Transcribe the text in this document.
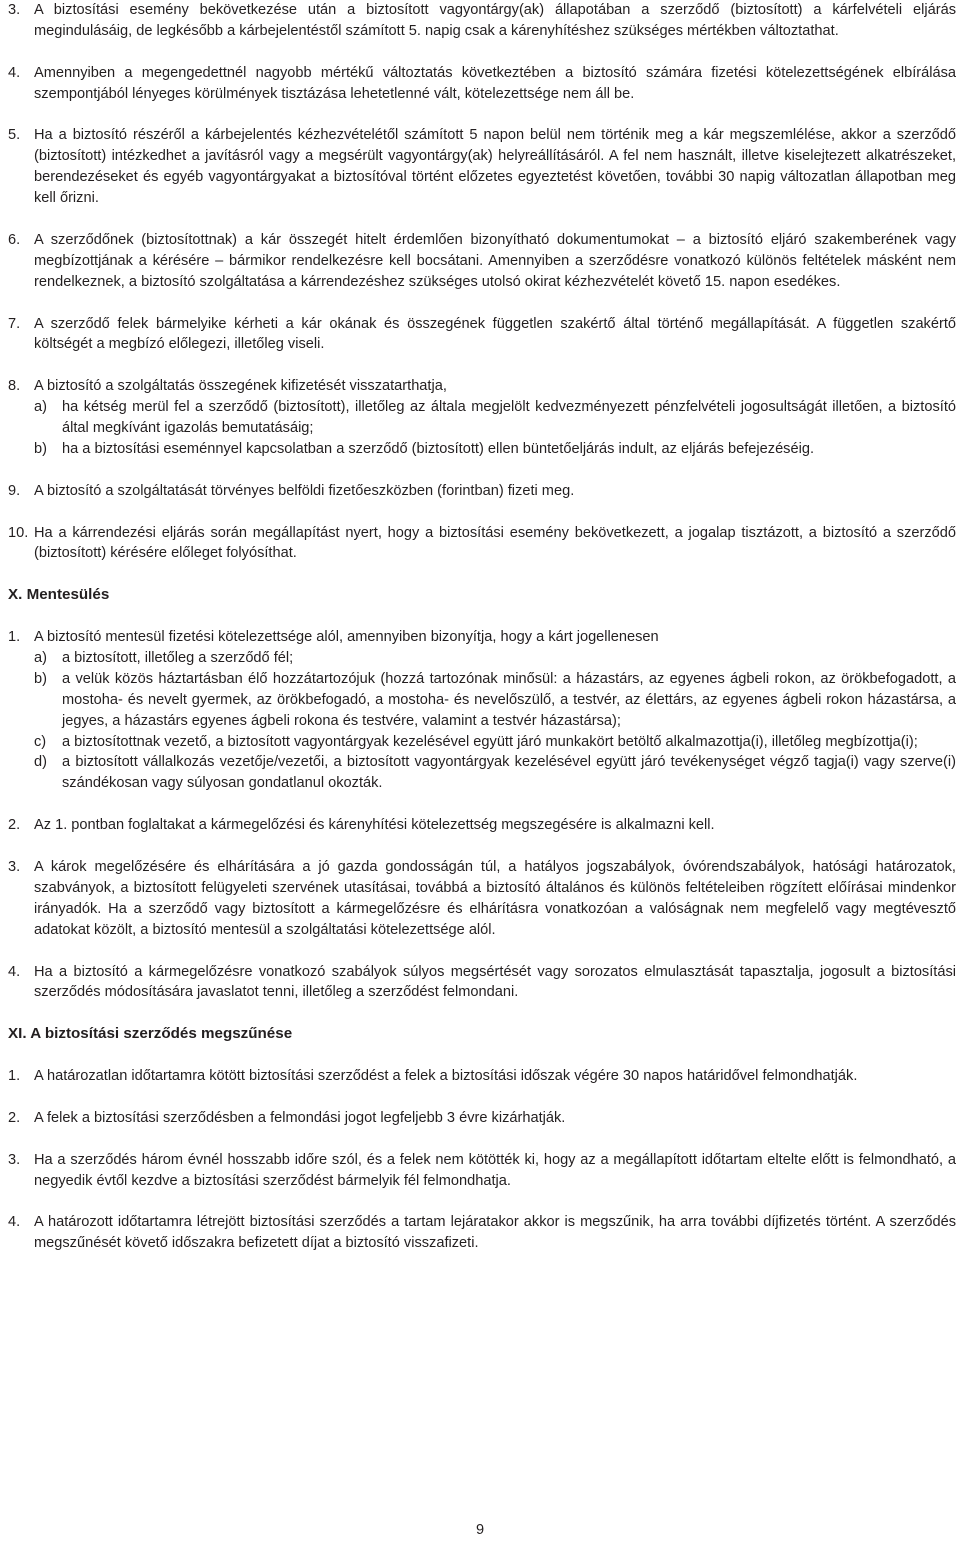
3. A biztosítási esemény bekövetkezése után a biztosított vagyontárgy(ak) állapotában a szerződő (biztosított) a kárfelvételi eljárás megindulásáig, de legkésőbb a kárbejelentéstől számított 5. napig csak a kárenyhítéshez szükséges mértékben változtathat.

4. Amennyiben a megengedettnél nagyobb mértékű változtatás következtében a biztosító számára fizetési kötelezettségének elbírálása szempontjából lényeges körülmények tisztázása lehetetlenné vált, kötelezettsége nem áll be.

5. Ha a biztosító részéről a kárbejelentés kézhezvételétől számított 5 napon belül nem történik meg a kár megszemlélése, akkor a szerződő (biztosított) intézkedhet a javításról vagy a megsérült vagyontárgy(ak) helyreállításáról. A fel nem használt, illetve kiselejtezett alkatrészeket, berendezéseket és egyéb vagyontárgyakat a biztosítóval történt előzetes egyeztetést követően, további 30 napig változatlan állapotban meg kell őrizni.

6. A szerződőnek (biztosítottnak) a kár összegét hitelt érdemlően bizonyítható dokumentumokat – a biztosító eljáró szakemberének vagy megbízottjának a kérésére – bármikor rendelkezésre kell bocsátani. Amennyiben a szerződésre vonatkozó különös feltételek másként nem rendelkeznek, a biztosító szolgáltatása a kárrendezéshez szükséges utolsó okirat kézhezvételét követő 15. napon esedékes.

7. A szerződő felek bármelyike kérheti a kár okának és összegének független szakértő által történő megállapítását. A független szakértő költségét a megbízó előlegezi, illetőleg viseli.

8. A biztosító a szolgáltatás összegének kifizetését visszatarthatja,

a)	ha kétség merül fel a szerződő (biztosított), illetőleg az általa megjelölt kedvezményezett pénzfelvételi jogosultságát illetően, a biztosító által megkívánt igazolás bemutatásáig;
b)	ha a biztosítási eseménnyel kapcsolatban a szerződő (biztosított) ellen büntetőeljárás indult, az eljárás befejezéséig.
9. A biztosító a szolgáltatását törvényes belföldi fizetőeszközben (forintban) fizeti meg.

10. Ha a kárrendezési eljárás során megállapítást nyert, hogy a biztosítási esemény bekövetkezett, a jogalap tisztázott, a biztosító a szerződő (biztosított) kérésére előleget folyósíthat.

X. Mentesülés
1. A biztosító mentesül fizetési kötelezettsége alól, amennyiben bizonyítja, hogy a kárt jogellenesen

a)	a biztosított, illetőleg a szerződő fél;
b)	a velük közös háztartásban élő hozzátartozójuk (hozzá tartozónak minősül: a házastárs, az egyenes ágbeli rokon, az örökbefogadott, a mostoha- és nevelt gyermek, az örökbefogadó, a mostoha- és nevelőszülő, a testvér, az élettárs, az egyenes ágbeli rokon házastársa, a jegyes, a házastárs egyenes ágbeli rokona és testvére, valamint a testvér házastársa);
c)	a biztosítottnak vezető, a biztosított vagyontárgyak kezelésével együtt járó munkakört betöltő alkalmazottja(i), illetőleg megbízottja(i);
d)	a biztosított vállalkozás vezetője/vezetői, a biztosított vagyontárgyak kezelésével együtt járó tevékenységet végző tagja(i) vagy szerve(i) szándékosan vagy súlyosan gondatlanul okozták.
2. Az 1. pontban foglaltakat a kármegelőzési és kárenyhítési kötelezettség megszegésére is alkalmazni kell.

3. A károk megelőzésére és elhárítására a jó gazda gondosságán túl, a hatályos jogszabályok, óvórendszabályok, hatósági határozatok, szabványok, a biztosított felügyeleti szervének utasításai, továbbá a biztosító általános és különös feltételeiben rögzített előírásai mindenkor irányadók. Ha a szerződő vagy biztosított a kármegelőzésre és elhárításra vonatkozóan a valóságnak nem megfelelő vagy megtévesztő adatokat közölt, a biztosító mentesül a szolgáltatási kötelezettsége alól.

4. Ha a biztosító a kármegelőzésre vonatkozó szabályok súlyos megsértését vagy sorozatos elmulasztását tapasztalja, jogosult a biztosítási szerződés módosítására javaslatot tenni, illetőleg a szerződést felmondani.

XI. A biztosítási szerződés megszűnése
1. A határozatlan időtartamra kötött biztosítási szerződést a felek a biztosítási időszak végére 30 napos határidővel felmondhatják.

2. A felek a biztosítási szerződésben a felmondási jogot legfeljebb 3 évre kizárhatják.

3. Ha a szerződés három évnél hosszabb időre szól, és a felek nem kötötték ki, hogy az a megállapított időtartam eltelte előtt is felmondható, a negyedik évtől kezdve a biztosítási szerződést bármelyik fél felmondhatja.

4. A határozott időtartamra létrejött biztosítási szerződés a tartam lejáratakor akkor is megszűnik, ha arra további díjfizetés történt. A szerződés megszűnését követő időszakra befizetett díjat a biztosító visszafizeti.

9
